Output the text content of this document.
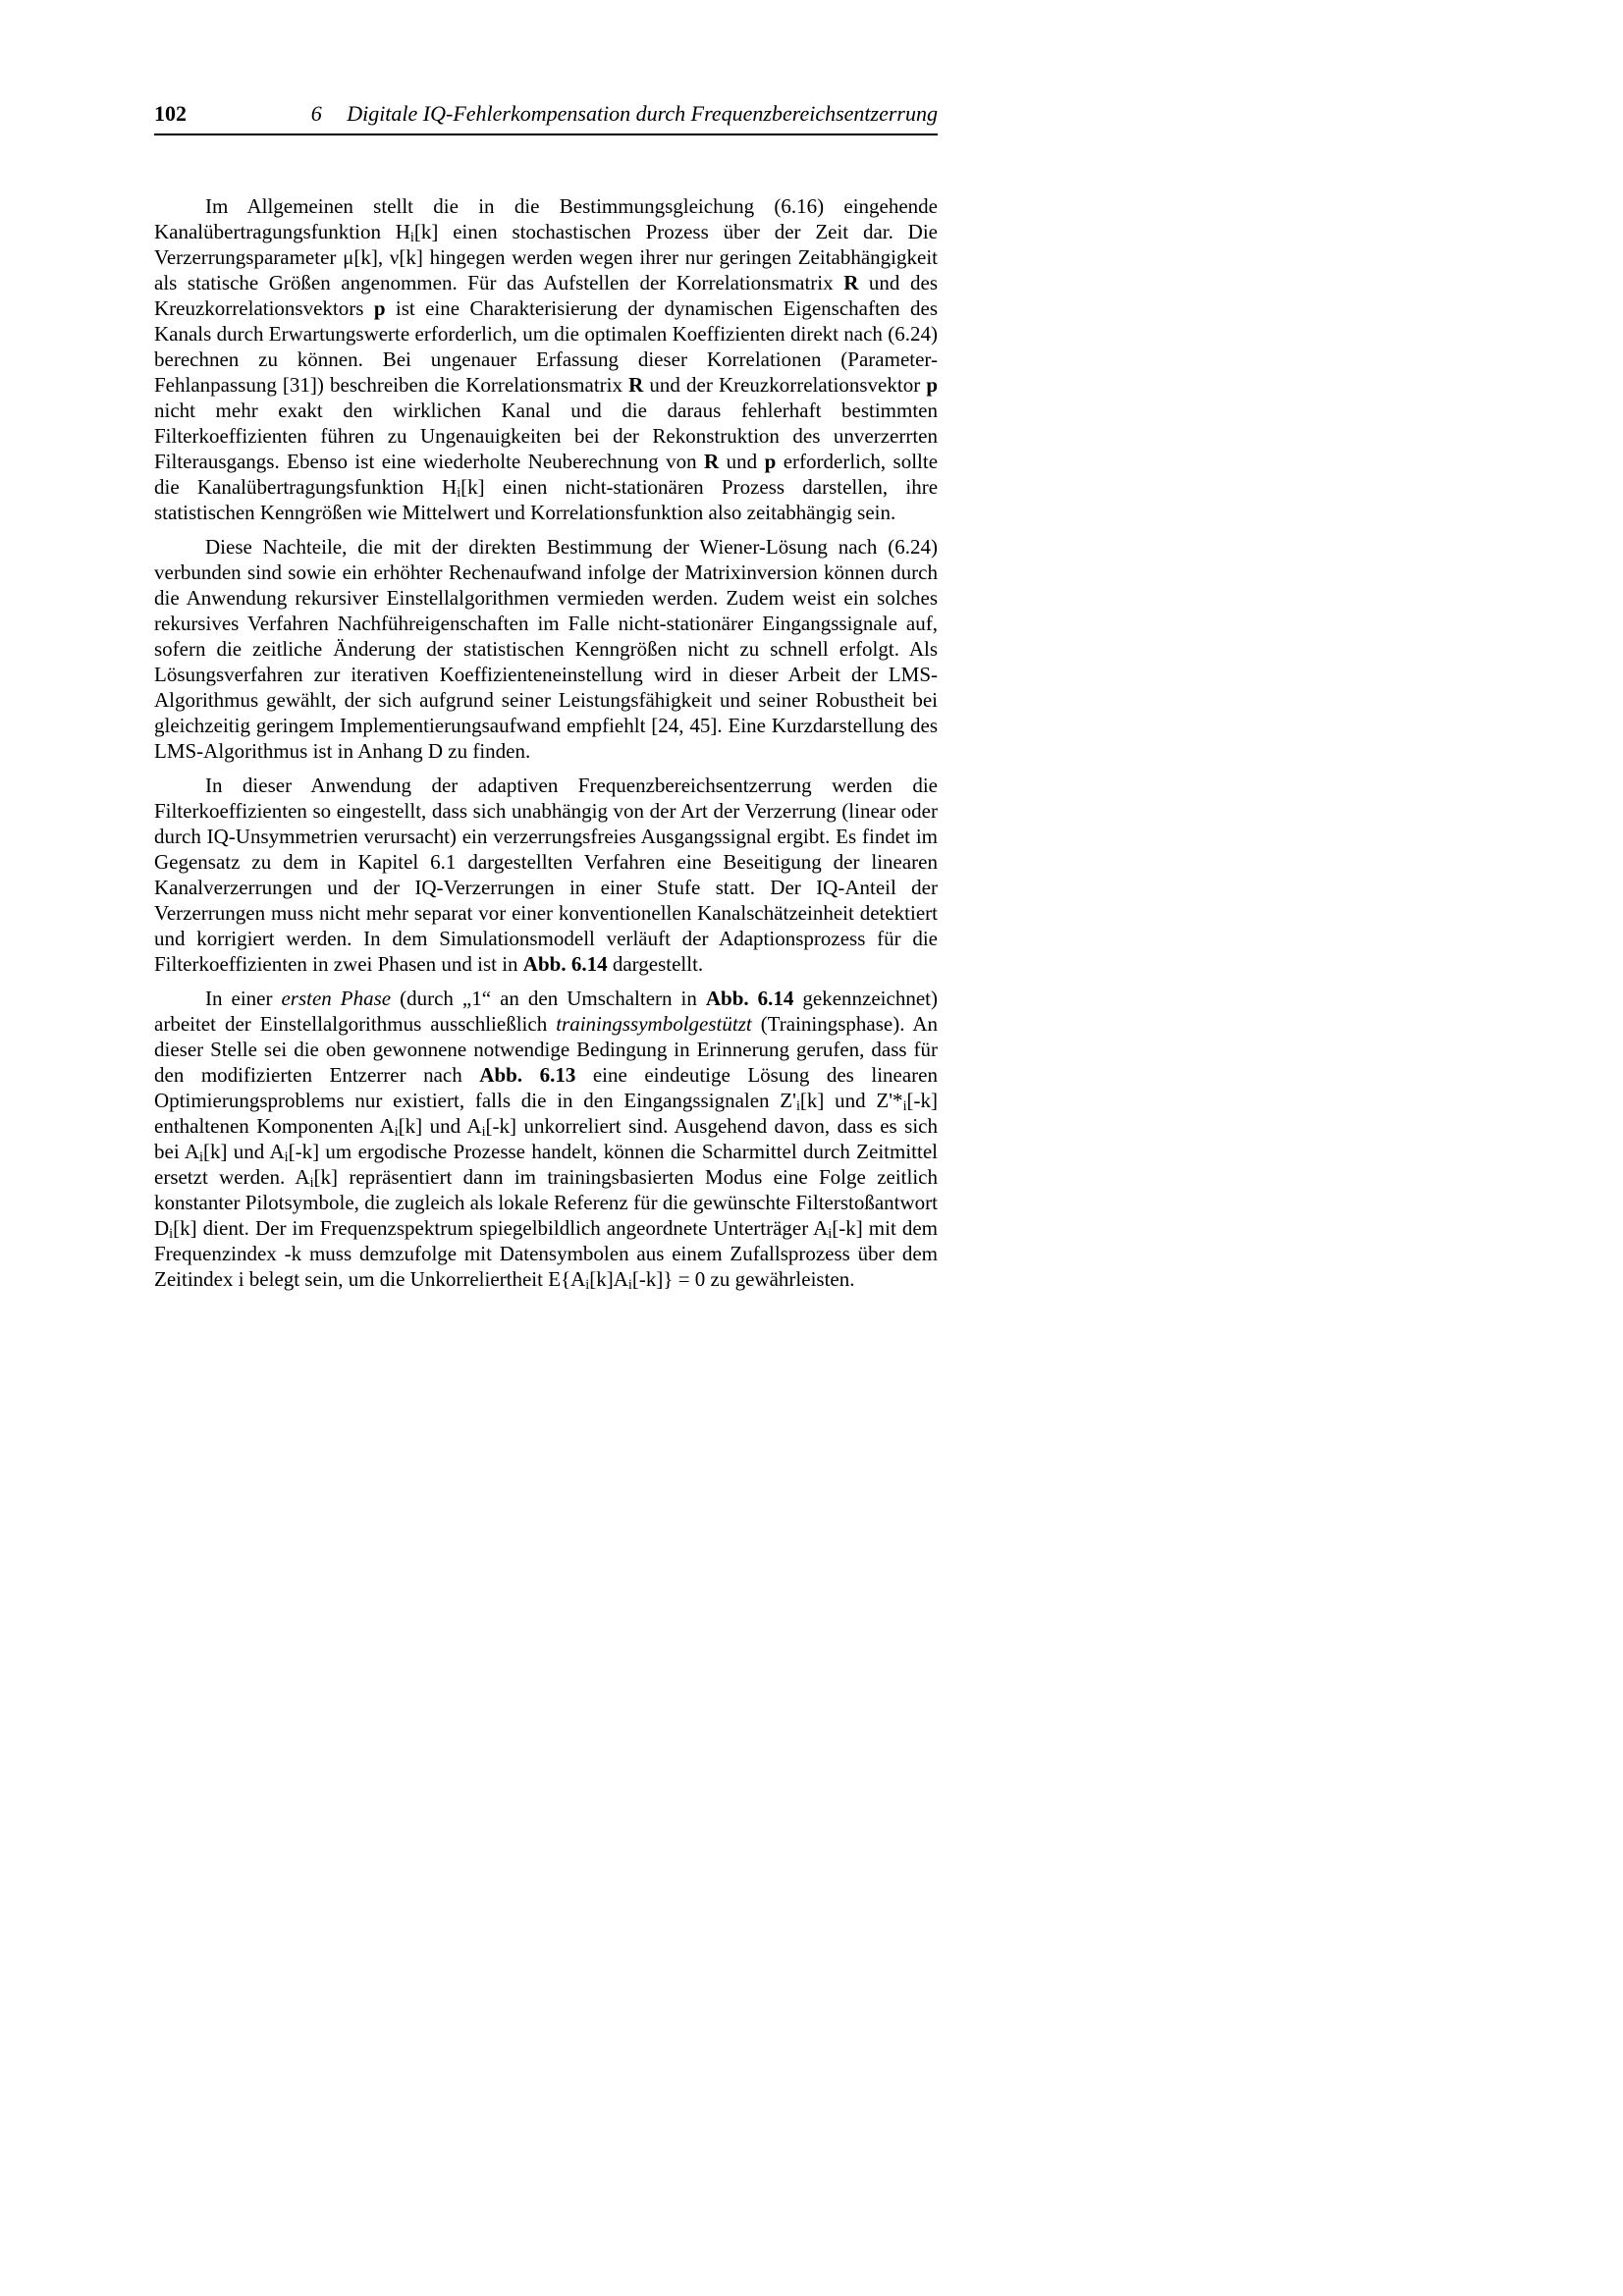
102	6 Digitale IQ-Fehlerkompensation durch Frequenzbereichsentzerrung

Im Allgemeinen stellt die in die Bestimmungsgleichung (6.16) eingehende Kanalübertragungsfunktion $H_i[k]$ einen stochastischen Prozess über der Zeit dar. Die Verzerrungsparameter μ[k], ν[k] hingegen werden wegen ihrer nur geringen Zeitabhängigkeit als statische Größen angenommen. Für das Aufstellen der Korrelationsmatrix R und des Kreuzkorrelationsvektors p ist eine Charakterisierung der dynamischen Eigenschaften des Kanals durch Erwartungswerte erforderlich, um die optimalen Koeffizienten direkt nach (6.24) berechnen zu können. Bei ungenauer Erfassung dieser Korrelationen (Parameter-Fehlanpassung [31]) beschreiben die Korrelationsmatrix R und der Kreuzkorrelationsvektor p nicht mehr exakt den wirklichen Kanal und die daraus fehlerhaft bestimmten Filterkoeffizienten führen zu Ungenauigkeiten bei der Rekonstruktion des unverzerrten Filterausgangs. Ebenso ist eine wiederholte Neuberechnung von R und p erforderlich, sollte die Kanalübertragungsfunktion $H_i[k]$ einen nicht-stationären Prozess darstellen, ihre statistischen Kenngrößen wie Mittelwert und Korrelationsfunktion also zeitabhängig sein.

Diese Nachteile, die mit der direkten Bestimmung der Wiener-Lösung nach (6.24) verbunden sind sowie ein erhöhter Rechenaufwand infolge der Matrixinversion können durch die Anwendung rekursiver Einstellalgorithmen vermieden werden. Zudem weist ein solches rekursives Verfahren Nachführeigenschaften im Falle nicht-stationärer Eingangssignale auf, sofern die zeitliche Änderung der statistischen Kenngrößen nicht zu schnell erfolgt. Als Lösungsverfahren zur iterativen Koeffizienteneinstellung wird in dieser Arbeit der LMS-Algorithmus gewählt, der sich aufgrund seiner Leistungsfähigkeit und seiner Robustheit bei gleichzeitig geringem Implementierungsaufwand empfiehlt [24, 45]. Eine Kurzdarstellung des LMS-Algorithmus ist in Anhang D zu finden.

In dieser Anwendung der adaptiven Frequenzbereichsentzerrung werden die Filterkoeffizienten so eingestellt, dass sich unabhängig von der Art der Verzerrung (linear oder durch IQ-Unsymmetrien verursacht) ein verzerrungsfreies Ausgangssignal ergibt. Es findet im Gegensatz zu dem in Kapitel 6.1 dargestellten Verfahren eine Beseitigung der linearen Kanalverzerrungen und der IQ-Verzerrungen in einer Stufe statt. Der IQ-Anteil der Verzerrungen muss nicht mehr separat vor einer konventionellen Kanalschätzeinheit detektiert und korrigiert werden. In dem Simulationsmodell verläuft der Adaptionsprozess für die Filterkoeffizienten in zwei Phasen und ist in Abb. 6.14 dargestellt.

In einer ersten Phase (durch „1“ an den Umschaltern in Abb. 6.14 gekennzeichnet) arbeitet der Einstellalgorithmus ausschließlich trainingssymbolgestützt (Trainingsphase). An dieser Stelle sei die oben gewonnene notwendige Bedingung in Erinnerung gerufen, dass für den modifizierten Entzerrer nach Abb. 6.13 eine eindeutige Lösung des linearen Optimierungsproblems nur existiert, falls die in den Eingangssignalen $Z'_i[k]$ und $Z'*_i[-k]$ enthaltenen Komponenten $A_i[k]$ und $A_i[-k]$ unkorreliert sind. Ausgehend davon, dass es sich bei $A_i[k]$ und $A_i[-k]$ um ergodische Prozesse handelt, können die Scharmittel durch Zeitmittel ersetzt werden. $A_i[k]$ repräsentiert dann im trainingsbasierten Modus eine Folge zeitlich konstanter Pilotsymbole, die zugleich als lokale Referenz für die gewünschte Filterstoßantwort $D_i[k]$ dient. Der im Frequenzspektrum spiegelbildlich angeordnete Unterträger $A_i[-k]$ mit dem Frequenzindex -k muss demzufolge mit Datensymbolen aus einem Zufallsprozess über dem Zeitindex i belegt sein, um die Unkorreliertheit $E\{A_i[k]A_i[-k]\} = 0$ zu gewährleisten.
